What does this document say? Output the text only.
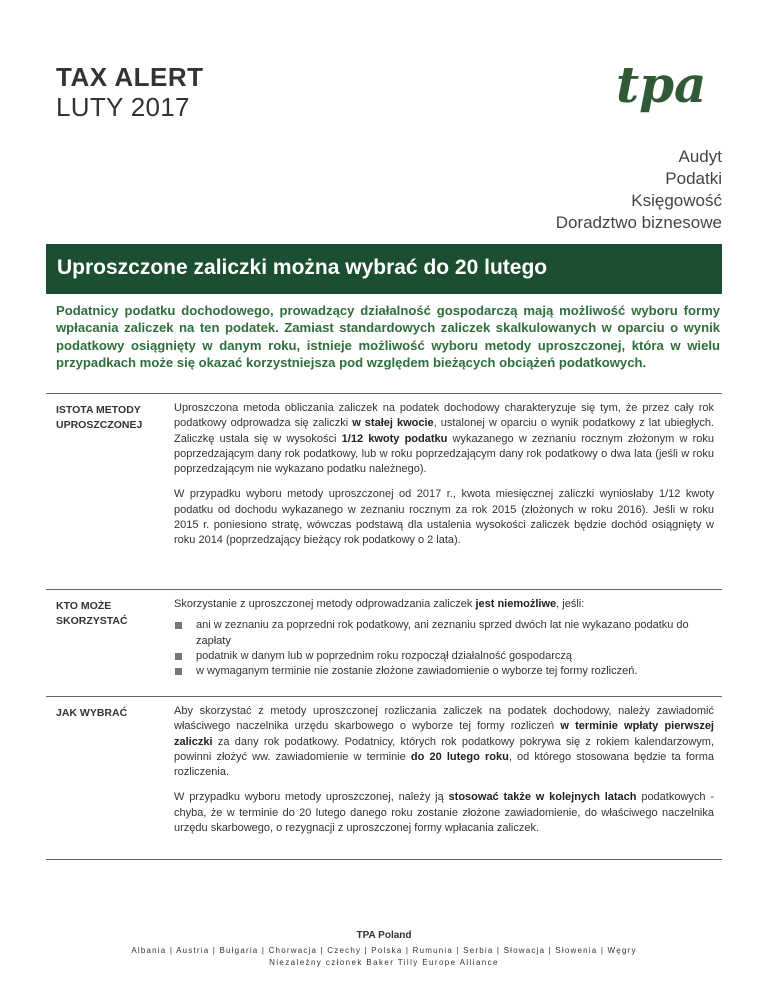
TAX ALERT
LUTY 2017	tpa
Audyt
Podatki
Księgowość
Doradztwo biznesowe
Uproszczone zaliczki można wybrać do 20 lutego
Podatnicy podatku dochodowego, prowadzący działalność gospodarczą mają możliwość wyboru formy wpłacania zaliczek na ten podatek. Zamiast standardowych zaliczek skalkulowanych w oparciu o wynik podatkowy osiągnięty w danym roku, istnieje możliwość wyboru metody uproszczonej, która w wielu przypadkach może się okazać korzystniejsza pod względem bieżących obciążeń podatkowych.
ISTOTA METODY
UPROSZCZONEJ

Uproszczona metoda obliczania zaliczek na podatek dochodowy charakteryzuje się tym, że przez cały rok podatkowy odprowadza się zaliczki w stałej kwocie, ustalonej w oparciu o wynik podatkowy z lat ubiegłych. Zaliczkę ustala się w wysokości 1/12 kwoty podatku wykazanego w zeznaniu rocznym złożonym w roku poprzedzającym dany rok podatkowy, lub w roku poprzedzającym dany rok podatkowy o dwa lata (jeśli w roku poprzedzającym nie wykazano podatku należnego).

W przypadku wyboru metody uproszczonej od 2017 r., kwota miesięcznej zaliczki wyniosłaby 1/12 kwoty podatku od dochodu wykazanego w zeznaniu rocznym za rok 2015 (złożonych w roku 2016). Jeśli w roku 2015 r. poniesiono stratę, wówczas podstawą dla ustalenia wysokości zaliczek będzie dochód osiągnięty w roku 2014 (poprzedzający bieżący rok podatkowy o 2 lata).

KTO MOŻE
SKORZYSTAĆ

Skorzystanie z uproszczonej metody odprowadzania zaliczek jest niemożliwe, jeśli:

ani w zeznaniu za poprzedni rok podatkowy, ani zeznaniu sprzed dwóch lat nie wykazano podatku do zapłaty
podatnik w danym lub w poprzednim roku rozpoczął działalność gospodarczą
w wymaganym terminie nie zostanie złożone zawiadomienie o wyborze tej formy rozliczeń.
JAK WYBRAĆ	Aby skorzystać z metody uproszczonej rozliczania zaliczek na podatek dochodowy, należy zawiadomić właściwego naczelnika urzędu skarbowego o wyborze tej formy rozliczeń w terminie wpłaty pierwszej zaliczki za dany rok podatkowy. Podatnicy, których rok podatkowy pokrywa się z rokiem kalendarzowym, powinni złożyć ww. zawiadomienie w terminie do 20 lutego roku, od którego stosowana będzie ta forma rozliczenia.

W przypadku wyboru metody uproszczonej, należy ją stosować także w kolejnych latach podatkowych - chyba, że w terminie do 20 lutego danego roku zostanie złożone zawiadomienie, do właściwego naczelnika urzędu skarbowego, o rezygnacji z uproszczonej formy wpłacania zaliczek.

TPA Poland
Albania | Austria | Bułgaria | Chorwacja | Czechy | Polska | Rumunia | Serbia | Słowacja | Słowenia | Węgry
Niezależny członek Baker Tilly Europe Alliance
